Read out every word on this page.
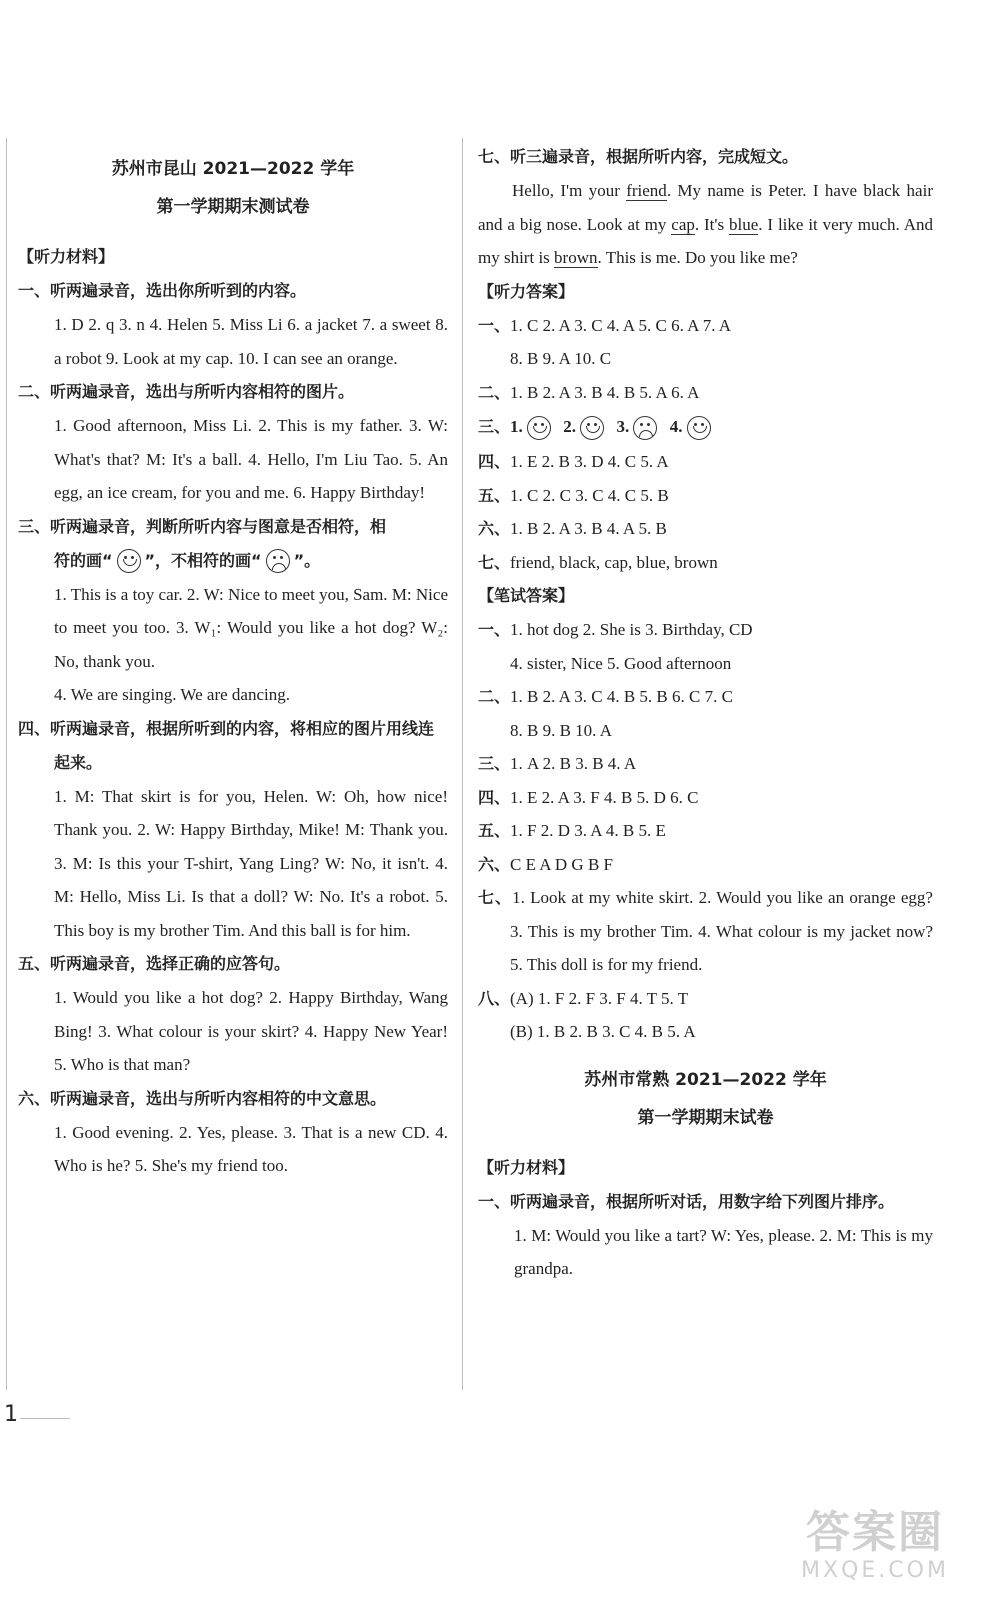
苏州市昆山 2021—2022 学年
第一学期期末测试卷
【听力材料】
一、听两遍录音，选出你所听到的内容。
1. D 2. q 3. n 4. Helen 5. Miss Li 6. a jacket 7. a sweet 8. a robot 9. Look at my cap. 10. I can see an orange.
二、听两遍录音，选出与所听内容相符的图片。
1. Good afternoon, Miss Li. 2. This is my father. 3. W: What's that? M: It's a ball. 4. Hello, I'm Liu Tao. 5. An egg, an ice cream, for you and me. 6. Happy Birthday!
三、听两遍录音，判断所听内容与图意是否相符，相
符的画“ ”，不相符的画“ ”。
1. This is a toy car. 2. W: Nice to meet you, Sam. M: Nice to meet you too. 3. W₁: Would you like a hot dog? W₂: No, thank you.
4. We are singing. We are dancing.
四、听两遍录音，根据所听到的内容，将相应的图片用线连起来。
1. M: That skirt is for you, Helen. W: Oh, how nice! Thank you. 2. W: Happy Birthday, Mike! M: Thank you. 3. M: Is this your T-shirt, Yang Ling? W: No, it isn't. 4. M: Hello, Miss Li. Is that a doll? W: No. It's a robot. 5. This boy is my brother Tim. And this ball is for him.
五、听两遍录音，选择正确的应答句。
1. Would you like a hot dog? 2. Happy Birthday, Wang Bing! 3. What colour is your skirt? 4. Happy New Year! 5. Who is that man?
六、听两遍录音，选出与所听内容相符的中文意思。
1. Good evening. 2. Yes, please. 3. That is a new CD. 4. Who is he? 5. She's my friend too.
七、听三遍录音，根据所听内容，完成短文。
Hello, I'm your friend. My name is Peter. I have black hair and a big nose. Look at my cap. It's blue. I like it very much. And my shirt is brown. This is me. Do you like me?
【听力答案】
一、1. C 2. A 3. C 4. A 5. C 6. A 7. A
8. B 9. A 10. C
二、1. B 2. A 3. B 4. B 5. A 6. A
三、1. 2. 3. 4.
四、1. E 2. B 3. D 4. C 5. A
五、1. C 2. C 3. C 4. C 5. B
六、1. B 2. A 3. B 4. A 5. B
七、friend, black, cap, blue, brown
【笔试答案】
一、1. hot dog 2. She is 3. Birthday, CD
4. sister, Nice 5. Good afternoon
二、1. B 2. A 3. C 4. B 5. B 6. C 7. C
8. B 9. B 10. A
三、1. A 2. B 3. B 4. A
四、1. E 2. A 3. F 4. B 5. D 6. C
五、1. F 2. D 3. A 4. B 5. E
六、C E A D G B F
七、1. Look at my white skirt. 2. Would you like an orange egg? 3. This is my brother Tim. 4. What colour is my jacket now? 5. This doll is for my friend.
八、(A) 1. F 2. F 3. F 4. T 5. T
(B) 1. B 2. B 3. C 4. B 5. A
苏州市常熟 2021—2022 学年
第一学期期末试卷
【听力材料】
一、听两遍录音，根据所听对话，用数字给下列图片排序。
1. M: Would you like a tart? W: Yes, please. 2. M: This is my grandpa.
1
答案圈
MXQE.COM
